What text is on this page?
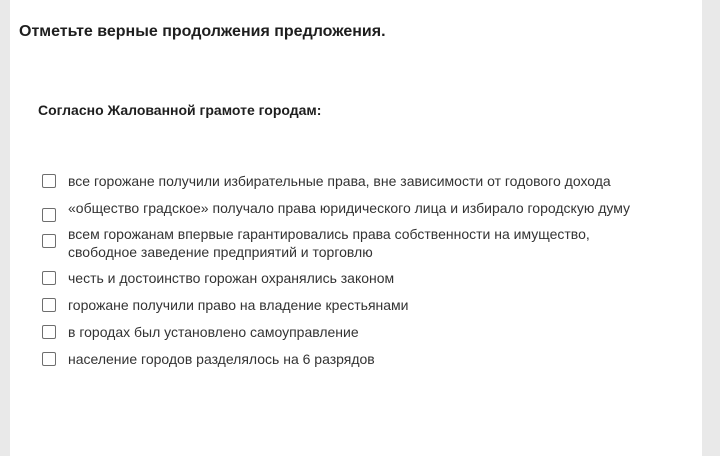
Отметьте верные продолжения предложения.
Согласно Жалованной грамоте городам:
все горожане получили избирательные права, вне зависимости от годового дохода
«общество градское» получало права юридического лица и избирало городскую думу
всем горожанам впервые гарантировались права собственности на имущество, свободное заведение предприятий и торговлю
честь и достоинство горожан охранялись законом
горожане получили право на владение крестьянами
в городах был установлено самоуправление
население городов разделялось на 6 разрядов
